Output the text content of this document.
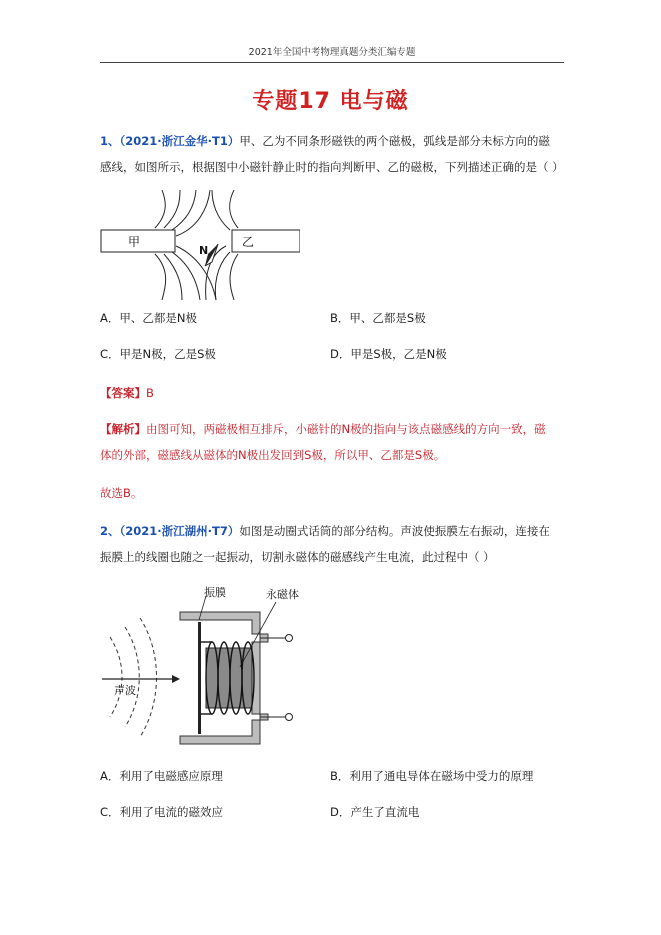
2021年全国中考物理真题分类汇编专题
专题17 电与磁
1、（2021·浙江金华·T1）甲、乙为不同条形磁铁的两个磁极，弧线是部分未标方向的磁
感线，如图所示，根据图中小磁针静止时的指向判断甲、乙的磁极，下列描述正确的是（ ）
甲	乙
N
A．甲、乙都是N极	B．甲、乙都是S极
C．甲是N极，乙是S极	D．甲是S极，乙是N极
【答案】B
【解析】由图可知，两磁极相互排斥，小磁针的N极的指向与该点磁感线的方向一致，磁
体的外部，磁感线从磁体的N极出发回到S极，所以甲、乙都是S极。
故选B。
2、（2021·浙江湖州·T7）如图是动圈式话筒的部分结构。声波使振膜左右振动，连接在
振膜上的线圈也随之一起振动，切割永磁体的磁感线产生电流，此过程中（ ）
声波
振膜	永磁体
A．利用了电磁感应原理	B．利用了通电导体在磁场中受力的原理
C．利用了电流的磁效应	D．产生了直流电
